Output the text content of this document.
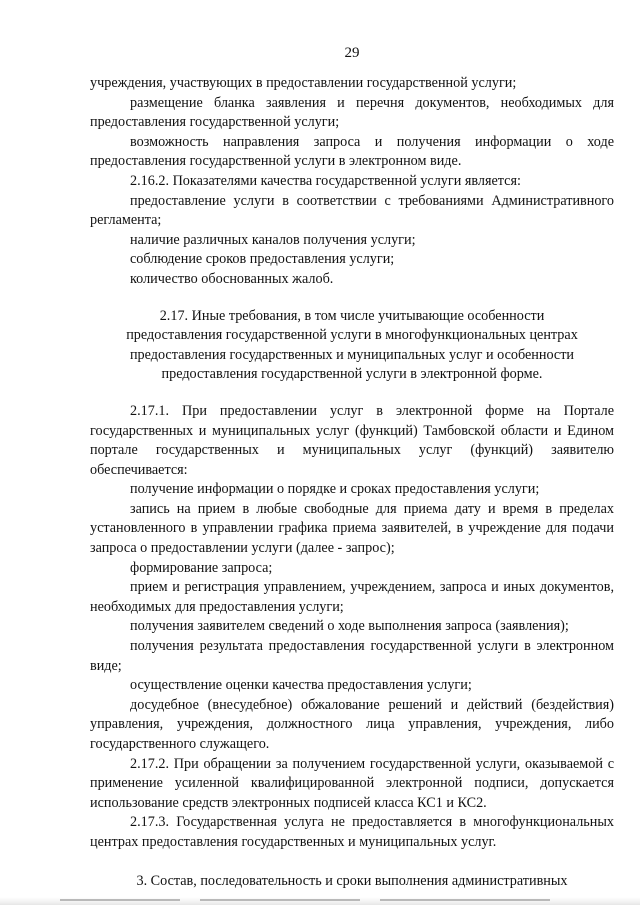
29

учреждения, участвующих в предоставлении государственной услуги;

размещение бланка заявления и перечня документов, необходимых для предоставления государственной услуги;

возможность направления запроса и получения информации о ходе предоставления государственной услуги в электронном виде.

2.16.2. Показателями качества государственной услуги является:

предоставление услуги в соответствии с требованиями Административного регламента;

наличие различных каналов получения услуги;

соблюдение сроков предоставления услуги;

количество обоснованных жалоб.

2.17. Иные требования, в том числе учитывающие особенности

предоставления государственной услуги в многофункциональных центрах

предоставления государственных и муниципальных услуг и особенности

предоставления государственной услуги в электронной форме.

2.17.1. При предоставлении услуг в электронной форме на Портале государственных и муниципальных услуг (функций) Тамбовской области и Едином портале государственных и муниципальных услуг (функций) заявителю обеспечивается:

получение информации о порядке и сроках предоставления услуги;

запись на прием в любые свободные для приема дату и время в пределах установленного в управлении графика приема заявителей, в учреждение для подачи запроса о предоставлении услуги (далее - запрос);

формирование запроса;

прием и регистрация управлением, учреждением, запроса и иных документов, необходимых для предоставления услуги;

получения заявителем сведений о ходе выполнения запроса (заявления);

получения результата предоставления государственной услуги в электронном виде;

осуществление оценки качества предоставления услуги;

досудебное (внесудебное) обжалование решений и действий (бездействия) управления, учреждения, должностного лица управления, учреждения, либо государственного служащего.

2.17.2. При обращении за получением государственной услуги, оказываемой с применение усиленной квалифицированной электронной подписи, допускается использование средств электронных подписей класса КС1 и КС2.

2.17.3. Государственная услуга не предоставляется в многофункциональных центрах предоставления государственных и муниципальных услуг.

3. Состав, последовательность и сроки выполнения административных
